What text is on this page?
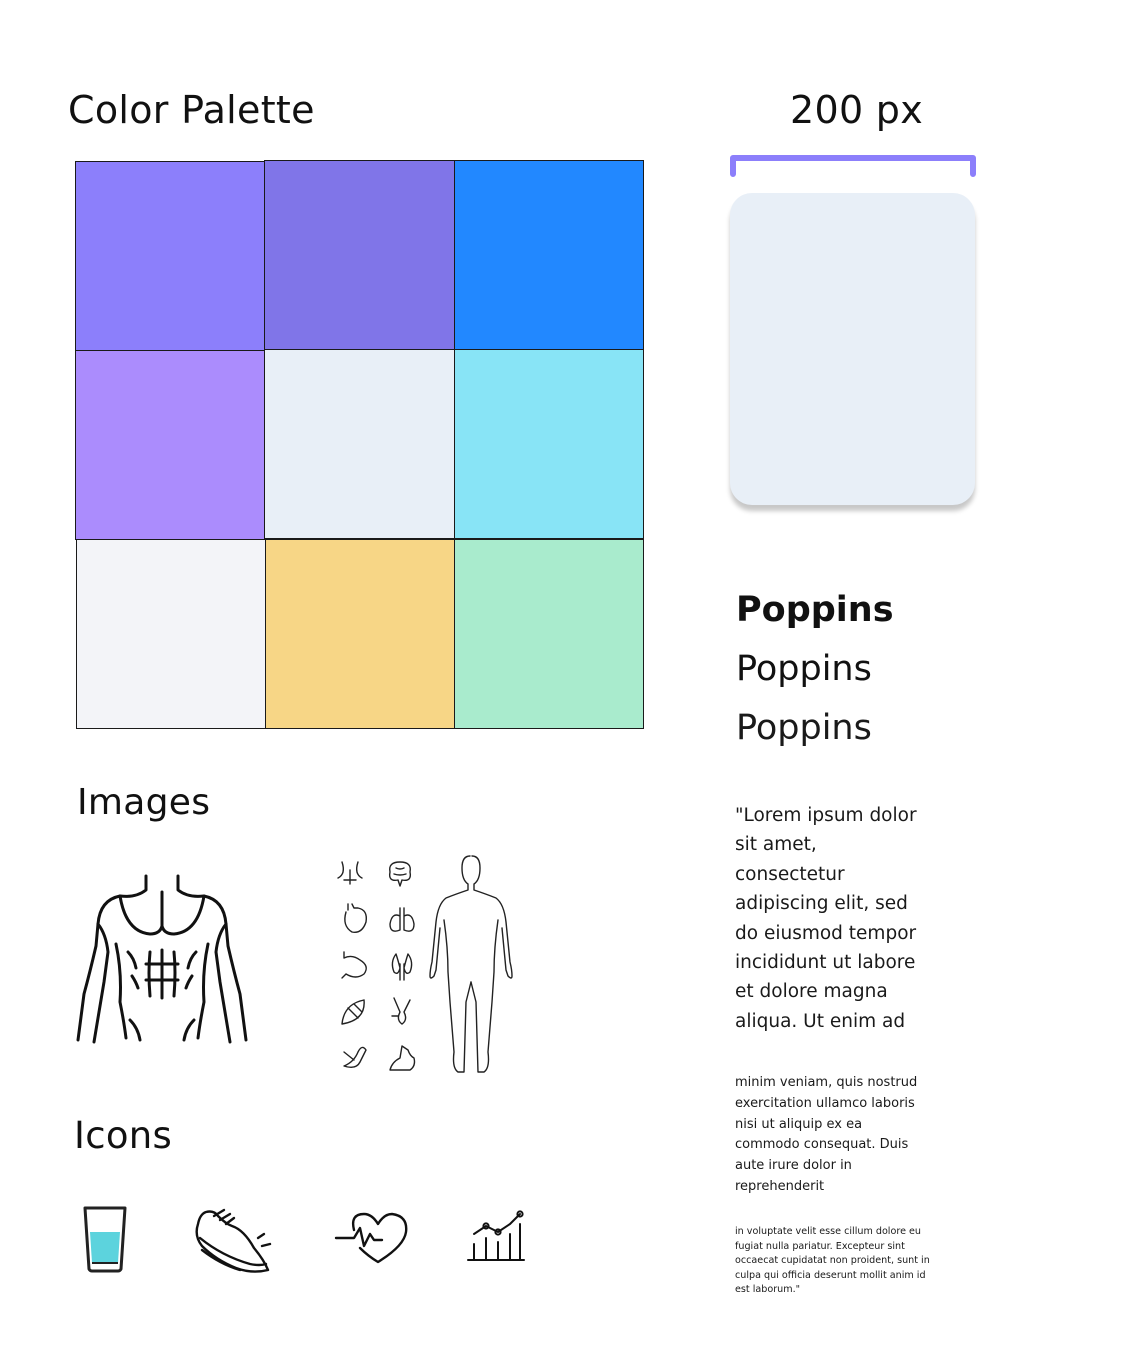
Color Palette	200 px
Images
Icons
Poppins
Poppins
Poppins
"Lorem ipsum dolor
sit amet,
consectetur
adipiscing elit, sed
do eiusmod tempor
incididunt ut labore
et dolore magna
aliqua. Ut enim ad
minim veniam, quis nostrud
exercitation ullamco laboris
nisi ut aliquip ex ea
commodo consequat. Duis
aute irure dolor in
reprehenderit
in voluptate velit esse cillum dolore eu
fugiat nulla pariatur. Excepteur sint
occaecat cupidatat non proident, sunt in
culpa qui officia deserunt mollit anim id
est laborum."
